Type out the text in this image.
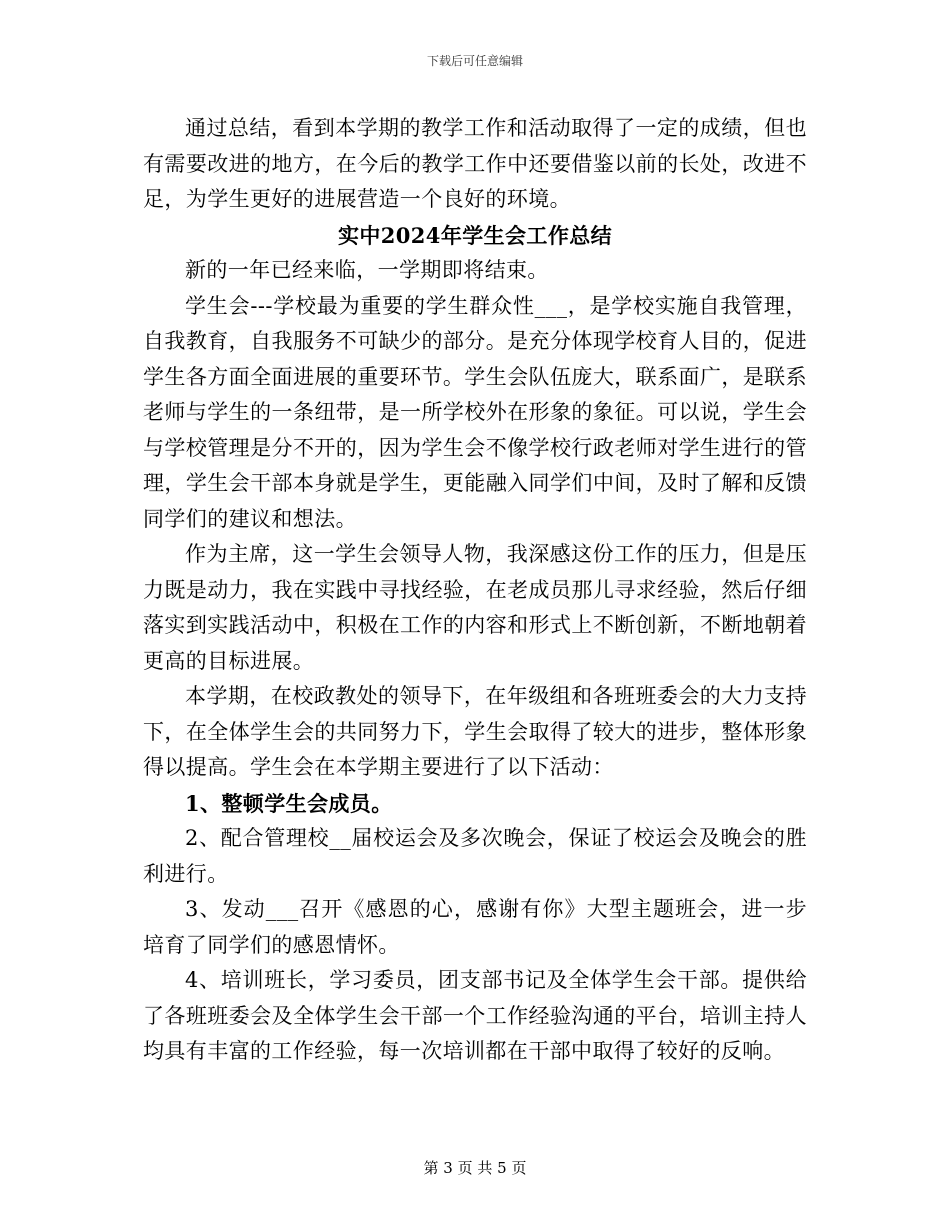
下载后可任意编辑

通过总结，看到本学期的教学工作和活动取得了一定的成绩，但也有需要改进的地方，在今后的教学工作中还要借鉴以前的长处，改进不足，为学生更好的进展营造一个良好的环境。

实中2024年学生会工作总结

新的一年已经来临，一学期即将结束。

学生会---学校最为重要的学生群众性___，是学校实施自我管理，自我教育，自我服务不可缺少的部分。是充分体现学校育人目的，促进学生各方面全面进展的重要环节。学生会队伍庞大，联系面广，是联系老师与学生的一条纽带，是一所学校外在形象的象征。可以说，学生会与学校管理是分不开的，因为学生会不像学校行政老师对学生进行的管理，学生会干部本身就是学生，更能融入同学们中间，及时了解和反馈同学们的建议和想法。

作为主席，这一学生会领导人物，我深感这份工作的压力，但是压力既是动力，我在实践中寻找经验，在老成员那儿寻求经验，然后仔细落实到实践活动中，积极在工作的内容和形式上不断创新，不断地朝着更高的目标进展。

本学期，在校政教处的领导下，在年级组和各班班委会的大力支持下，在全体学生会的共同努力下，学生会取得了较大的进步，整体形象得以提高。学生会在本学期主要进行了以下活动：

1、整顿学生会成员。

2、配合管理校__届校运会及多次晚会，保证了校运会及晚会的胜利进行。

3、发动___召开《感恩的心，感谢有你》大型主题班会，进一步培育了同学们的感恩情怀。

4、培训班长，学习委员，团支部书记及全体学生会干部。提供给了各班班委会及全体学生会干部一个工作经验沟通的平台，培训主持人均具有丰富的工作经验，每一次培训都在干部中取得了较好的反响。

第 3 页 共 5 页
